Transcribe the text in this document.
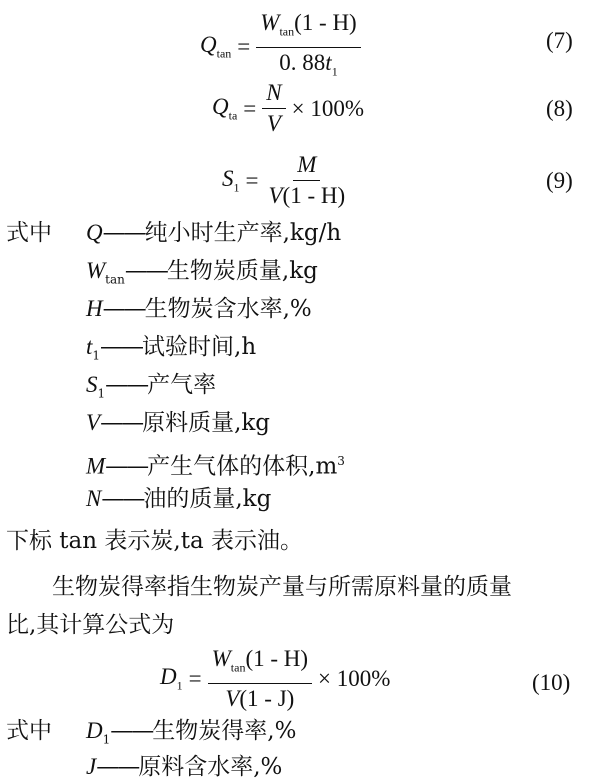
$Q_{tan} = \frac{W_{tan}(1 - H)}{0. 88t_1}$	(7)
$Q_{ta} = \frac{N}{V} \times 100\%$	(8)
$S_1 = \frac{M}{V(1 - H)}$	(9)
式中 Q——纯小时生产率,kg/h
$W_{tan}——$生物炭质量,kg
H——生物炭含水率,%
$t_1——$试验时间,h
$S_1——$产气率
V——原料质量,kg
M——产生气体的体积$,m^3$
N——油的质量,kg
下标 tan 表示炭,ta 表示油。
生物炭得率指生物炭产量与所需原料量的质量
比,其计算公式为
$D_1 = \frac{W_{tan}(1 - H)}{V(1 - J)} \times 100\%$	(10)
式中 $D_1——$生物炭得率,%
J——原料含水率,%
